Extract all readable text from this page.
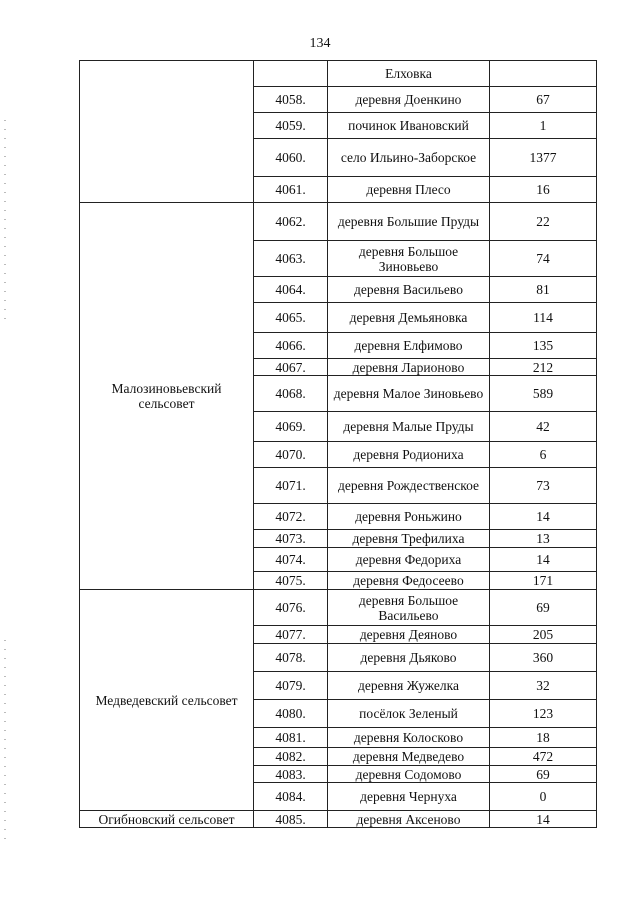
134
		Елховка	
	4058.	деревня Доенкино	67
	4059.	починок Ивановский	1
	4060.	село Ильино-Заборское	1377
	4061.	деревня Плесо	16
Малозиновьевский сельсовет	4062.	деревня Большие Пруды	22
	4063.	деревня Большое Зиновьево	74
	4064.	деревня Васильево	81
	4065.	деревня Демьяновка	114
	4066.	деревня Елфимово	135
	4067.	деревня Ларионово	212
	4068.	деревня Малое Зиновьево	589
	4069.	деревня Малые Пруды	42
	4070.	деревня Родиониха	6
	4071.	деревня Рождественское	73
	4072.	деревня Роньжино	14
	4073.	деревня Трефилиха	13
	4074.	деревня Федориха	14
	4075.	деревня Федосеево	171
Медведевский сельсовет	4076.	деревня Большое Васильево	69
	4077.	деревня Деяново	205
	4078.	деревня Дьяково	360
	4079.	деревня Жужелка	32
	4080.	посёлок Зеленый	123
	4081.	деревня Колосково	18
	4082.	деревня Медведево	472
	4083.	деревня Содомово	69
	4084.	деревня Чернуха	0
Огибновский сельсовет	4085.	деревня Аксеново	14
